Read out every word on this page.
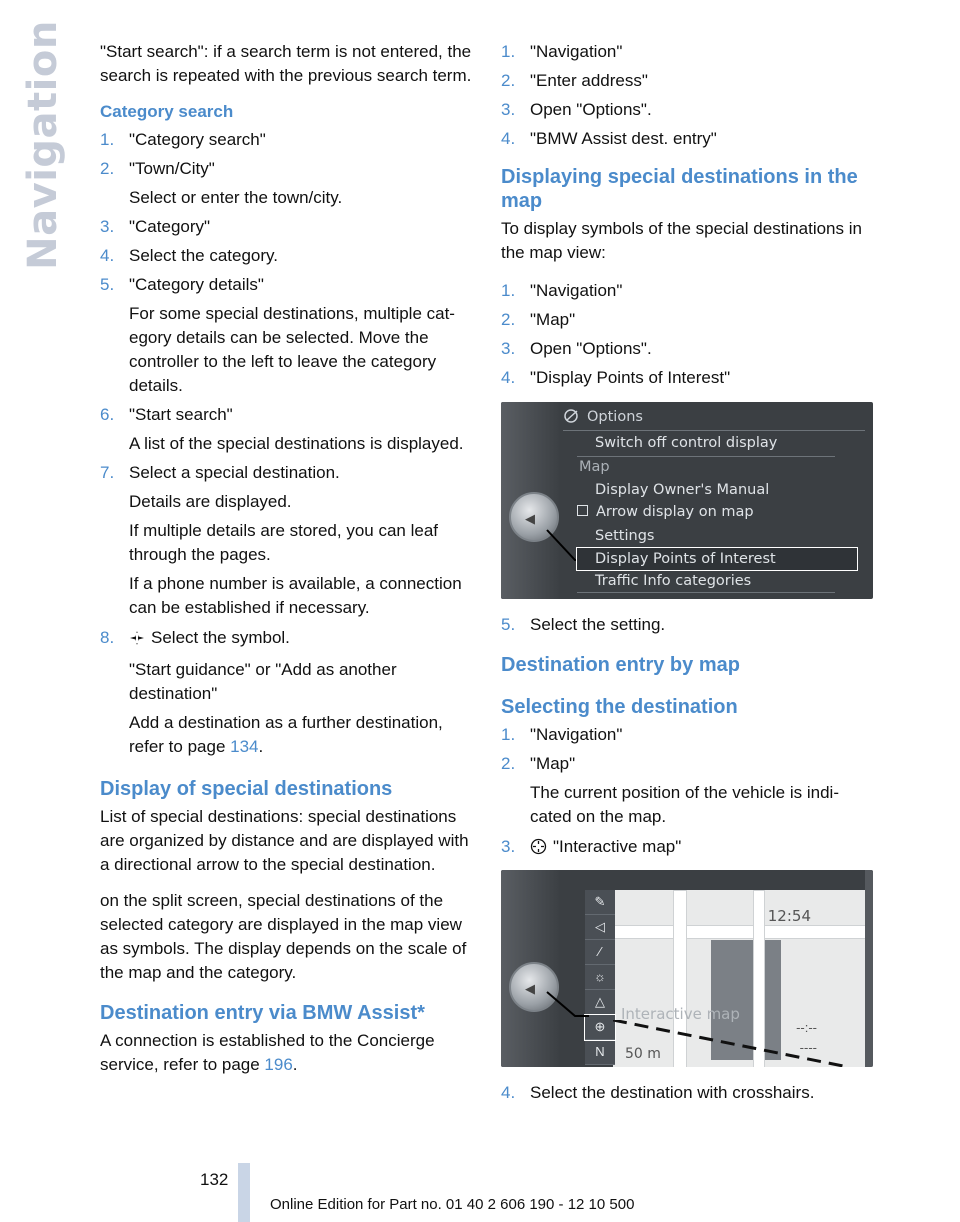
Navigation "Start search": if a search term is not entered, the search is repeated with the previous search term.

Category search
1. "Category search"
2. "Town/City"
Select or enter the town/city.
3. "Category"
4. Select the category.
5. "Category details"
For some special destinations, multiple cat‐egory details can be selected. Move the controller to the left to leave the category details.
6. "Start search"
A list of the special destinations is displayed.
7. Select a special destination.
Details are displayed.
If multiple details are stored, you can leaf through the pages.
If a phone number is available, a connection can be established if necessary.
8.	Select the symbol.
"Start guidance" or "Add as another destination"
Add a destination as a further destination, refer to page 134.
Display of special destinations

List of special destinations: special destinations are organized by distance and are displayed with a directional arrow to the special destination.

on the split screen, special destinations of the selected category are displayed in the map view as symbols. The display depends on the scale of the map and the category.

Destination entry via BMW Assist*

A connection is established to the Concierge service, refer to page 196.

1. "Navigation"
2. "Enter address"
3. Open "Options".
4. "BMW Assist dest. entry"
Displaying special destinations in the map

To display symbols of the special destinations in the map view:

1. "Navigation"
2. "Map"
3. Open "Options".
4. "Display Points of Interest"
◀
Options
Switch off control display
Map
Display Owner's Manual
Arrow display on map
Settings
Display Points of Interest
Traffic Info categories
5. Select the setting.
Destination entry by map
Selecting the destination
1. "Navigation"
2. "Map"
The current position of the vehicle is indi‐cated on the map.
3.	"Interactive map"
◀
✎
◁
⁄
☼
△
⊕
N
12:54
Interactive map
50 m
--:--
----
4. Select the destination with crosshairs.
132
Online Edition for Part no. 01 40 2 606 190 - 12 10 500
